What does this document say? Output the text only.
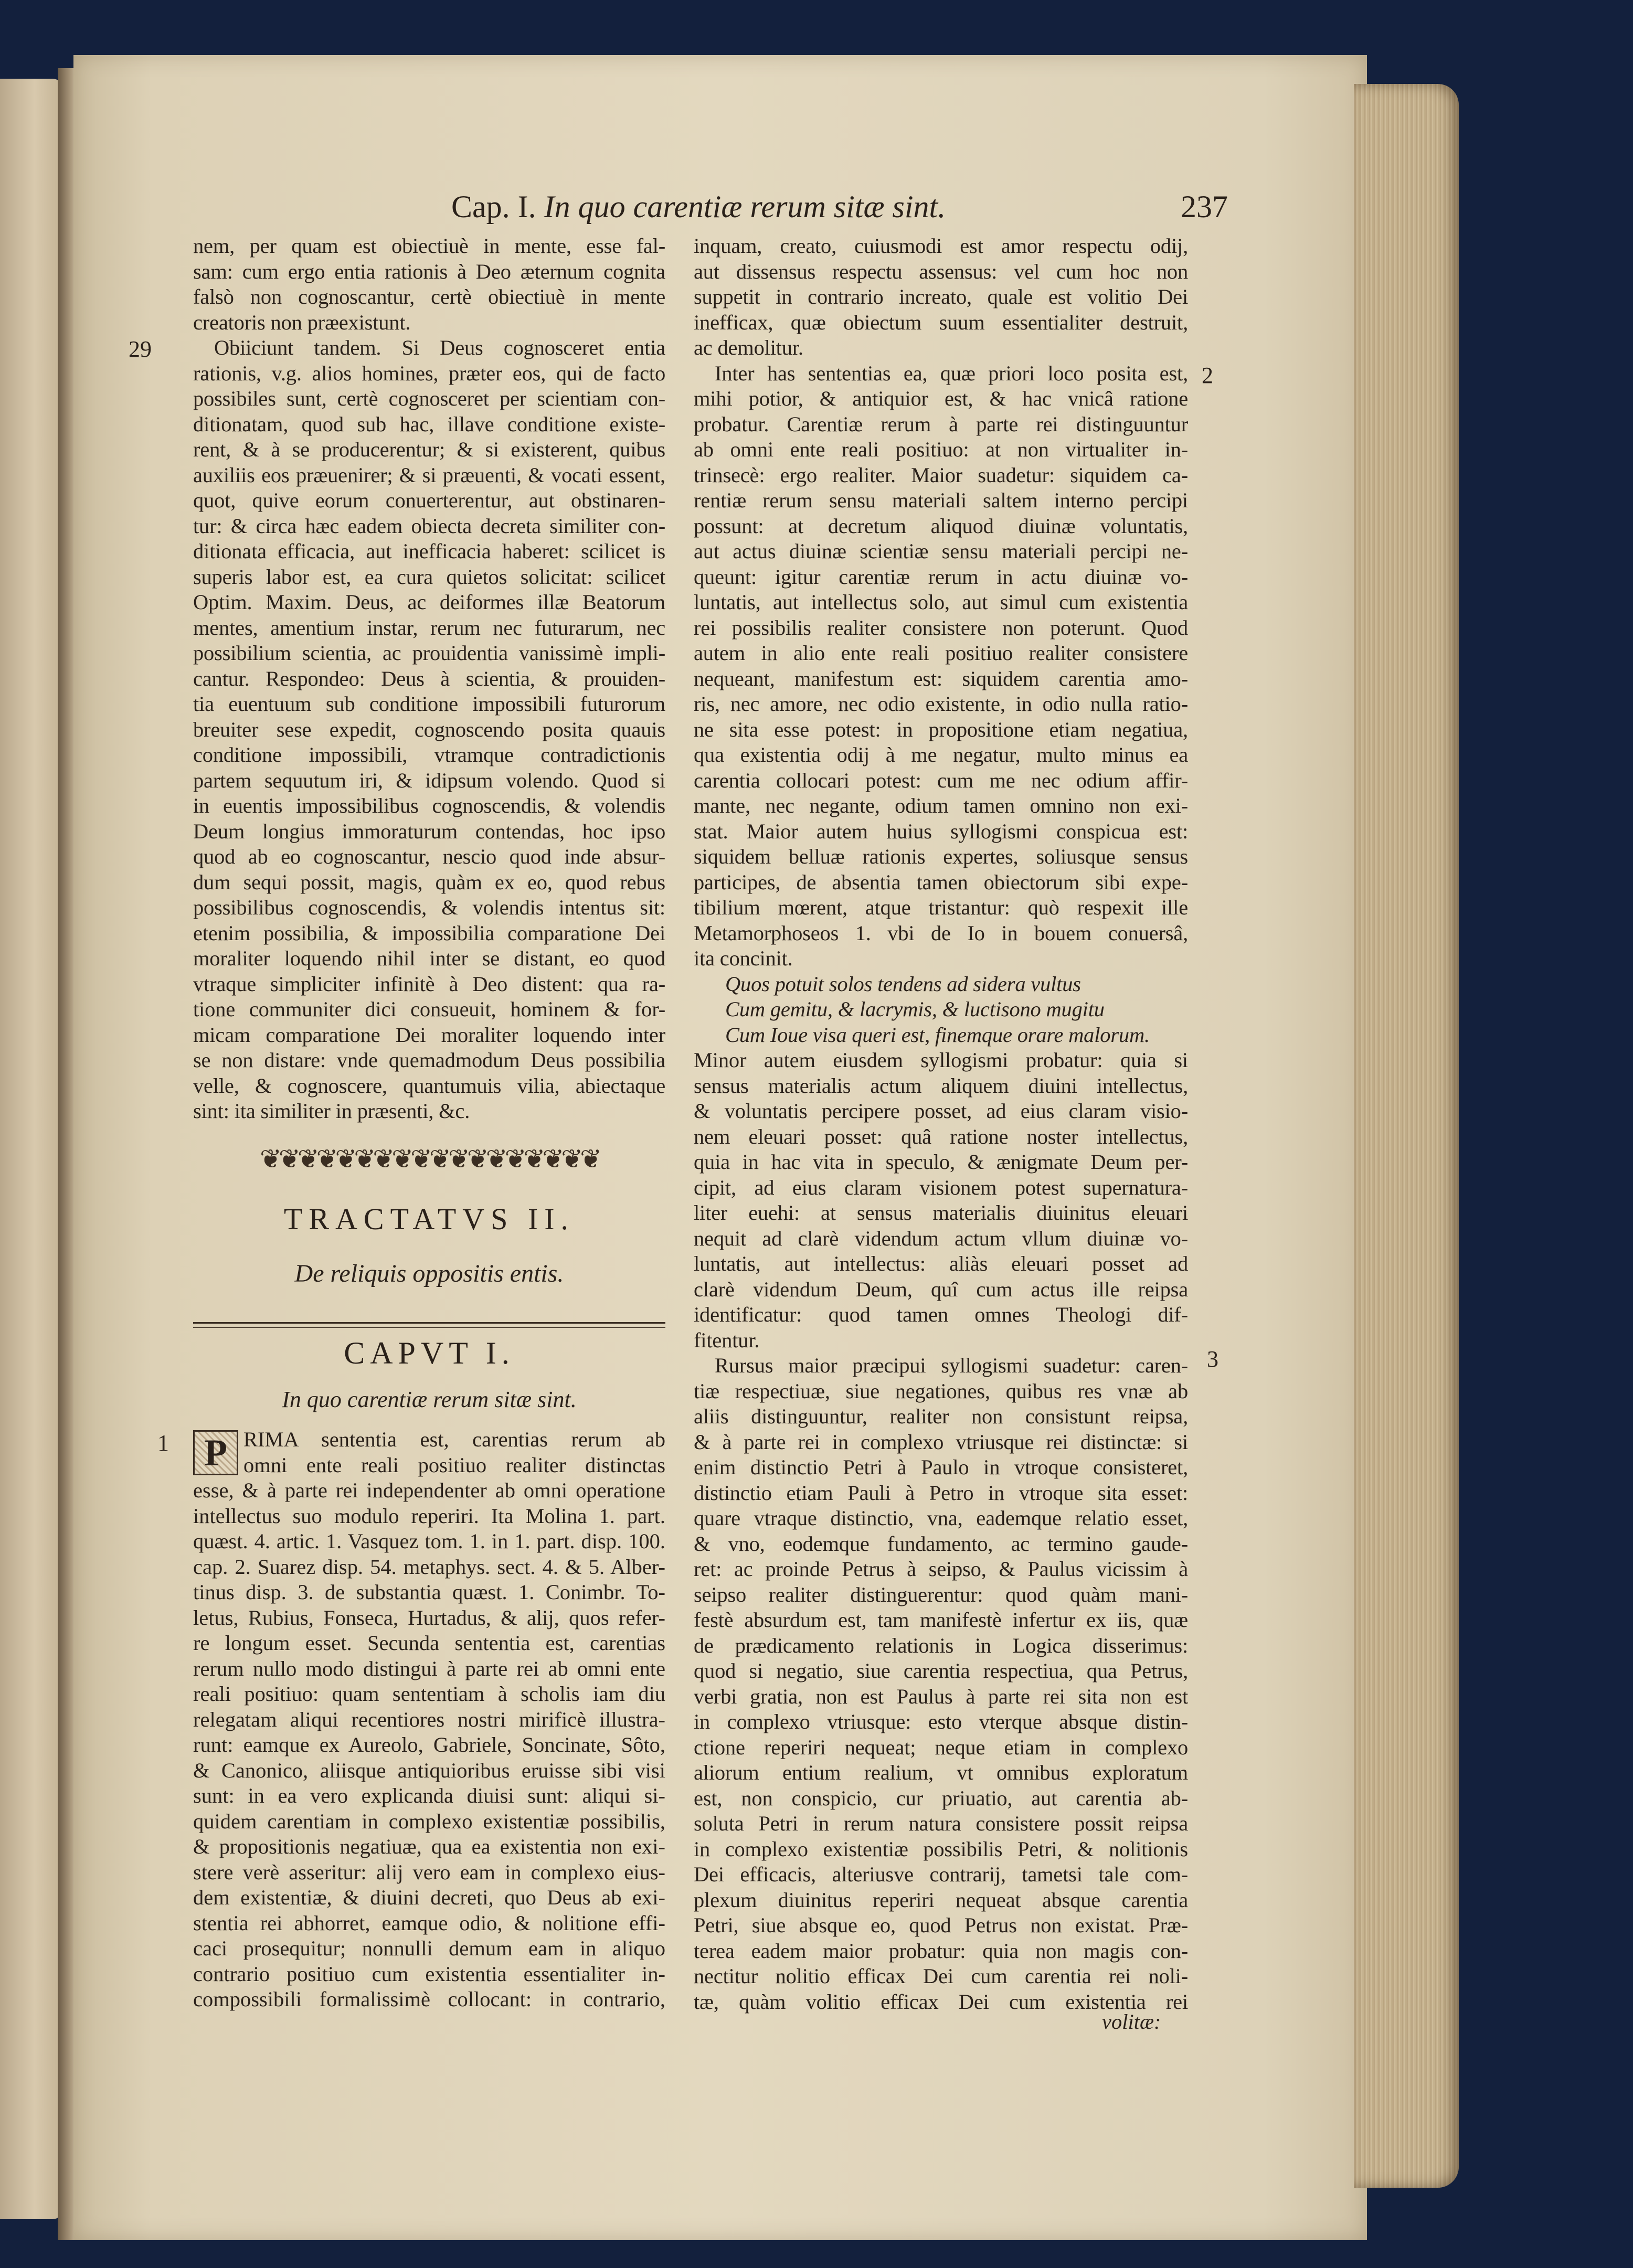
Cap. I. In quo carentiæ rerum sitæ sint.	237
29
2
1
3
nem, per quam est obiectiuè in mente, esse fal-
sam: cum ergo entia rationis à Deo æternum cognita
falsò non cognoscantur, certè obiectiuè in mente
creatoris non præexistunt.
Obiiciunt tandem. Si Deus cognosceret entia
rationis, v.g. alios homines, præter eos, qui de facto
possibiles sunt, certè cognosceret per scientiam con-
ditionatam, quod sub hac, illave conditione existe-
rent, & à se producerentur; & si existerent, quibus
auxiliis eos præuenirer; & si præuenti, & vocati essent,
quot, quive eorum conuerterentur, aut obstinaren-
tur: & circa hæc eadem obiecta decreta similiter con-
ditionata efficacia, aut inefficacia haberet: scilicet is
superis labor est, ea cura quietos solicitat: scilicet
Optim. Maxim. Deus, ac deiformes illæ Beatorum
mentes, amentium instar, rerum nec futurarum, nec
possibilium scientia, ac prouidentia vanissimè impli-
cantur. Respondeo: Deus à scientia, & prouiden-
tia euentuum sub conditione impossibili futurorum
breuiter sese expedit, cognoscendo posita quauis
conditione impossibili, vtramque contradictionis
partem sequutum iri, & idipsum volendo. Quod si
in euentis impossibilibus cognoscendis, & volendis
Deum longius immoraturum contendas, hoc ipso
quod ab eo cognoscantur, nescio quod inde absur-
dum sequi possit, magis, quàm ex eo, quod rebus
possibilibus cognoscendis, & volendis intentus sit:
etenim possibilia, & impossibilia comparatione Dei
moraliter loquendo nihil inter se distant, eo quod
vtraque simpliciter infinitè à Deo distent: qua ra-
tione communiter dici consueuit, hominem & for-
micam comparatione Dei moraliter loquendo inter
se non distare: vnde quemadmodum Deus possibilia
velle, & cognoscere, quantumuis vilia, abiectaque
sint: ita similiter in præsenti, &c.
❦❦❦❦❦❦❦❦❦❦❦❦❦❦❦❦❦❦
TRACTATVS II.
De reliquis oppositis entis.
CAPVT I.
In quo carentiæ rerum sitæ sint.
P RIMA sententia est, carentias rerum ab
omni ente reali positiuo realiter distinctas
esse, & à parte rei independenter ab omni operatione
intellectus suo modulo reperiri. Ita Molina 1. part.
quæst. 4. artic. 1. Vasquez tom. 1. in 1. part. disp. 100.
cap. 2. Suarez disp. 54. metaphys. sect. 4. & 5. Alber-
tinus disp. 3. de substantia quæst. 1. Conimbr. To-
letus, Rubius, Fonseca, Hurtadus, & alij, quos refer-
re longum esset. Secunda sententia est, carentias
rerum nullo modo distingui à parte rei ab omni ente
reali positiuo: quam sententiam à scholis iam diu
relegatam aliqui recentiores nostri mirificè illustra-
runt: eamque ex Aureolo, Gabriele, Soncinate, Sôto,
& Canonico, aliisque antiquioribus eruisse sibi visi
sunt: in ea vero explicanda diuisi sunt: aliqui si-
quidem carentiam in complexo existentiæ possibilis,
& propositionis negatiuæ, qua ea existentia non exi-
stere verè asseritur: alij vero eam in complexo eius-
dem existentiæ, & diuini decreti, quo Deus ab exi-
stentia rei abhorret, eamque odio, & nolitione effi-
caci prosequitur; nonnulli demum eam in aliquo
contrario positiuo cum existentia essentialiter in-
compossibili formalissimè collocant: in contrario,
inquam, creato, cuiusmodi est amor respectu odij,
aut dissensus respectu assensus: vel cum hoc non
suppetit in contrario increato, quale est volitio Dei
inefficax, quæ obiectum suum essentialiter destruit,
ac demolitur.
Inter has sententias ea, quæ priori loco posita est,
mihi potior, & antiquior est, & hac vnicâ ratione
probatur. Carentiæ rerum à parte rei distinguuntur
ab omni ente reali positiuo: at non virtualiter in-
trinsecè: ergo realiter. Maior suadetur: siquidem ca-
rentiæ rerum sensu materiali saltem interno percipi
possunt: at decretum aliquod diuinæ voluntatis,
aut actus diuinæ scientiæ sensu materiali percipi ne-
queunt: igitur carentiæ rerum in actu diuinæ vo-
luntatis, aut intellectus solo, aut simul cum existentia
rei possibilis realiter consistere non poterunt. Quod
autem in alio ente reali positiuo realiter consistere
nequeant, manifestum est: siquidem carentia amo-
ris, nec amore, nec odio existente, in odio nulla ratio-
ne sita esse potest: in propositione etiam negatiua,
qua existentia odij à me negatur, multo minus ea
carentia collocari potest: cum me nec odium affir-
mante, nec negante, odium tamen omnino non exi-
stat. Maior autem huius syllogismi conspicua est:
siquidem belluæ rationis expertes, soliusque sensus
participes, de absentia tamen obiectorum sibi expe-
tibilium mœrent, atque tristantur: quò respexit ille
Metamorphoseos 1. vbi de Io in bouem conuersâ,
ita concinit.
Quos potuit solos tendens ad sidera vultus
Cum gemitu, & lacrymis, & luctisono mugitu
Cum Ioue visa queri est, finemque orare malorum.
Minor autem eiusdem syllogismi probatur: quia si
sensus materialis actum aliquem diuini intellectus,
& voluntatis percipere posset, ad eius claram visio-
nem eleuari posset: quâ ratione noster intellectus,
quia in hac vita in speculo, & ænigmate Deum per-
cipit, ad eius claram visionem potest supernatura-
liter euehi: at sensus materialis diuinitus eleuari
nequit ad clarè videndum actum vllum diuinæ vo-
luntatis, aut intellectus: aliàs eleuari posset ad
clarè videndum Deum, quî cum actus ille reipsa
identificatur: quod tamen omnes Theologi dif-
fitentur.
Rursus maior præcipui syllogismi suadetur: caren-
tiæ respectiuæ, siue negationes, quibus res vnæ ab
aliis distinguuntur, realiter non consistunt reipsa,
& à parte rei in complexo vtriusque rei distinctæ: si
enim distinctio Petri à Paulo in vtroque consisteret,
distinctio etiam Pauli à Petro in vtroque sita esset:
quare vtraque distinctio, vna, eademque relatio esset,
& vno, eodemque fundamento, ac termino gaude-
ret: ac proinde Petrus à seipso, & Paulus vicissim à
seipso realiter distinguerentur: quod quàm mani-
festè absurdum est, tam manifestè infertur ex iis, quæ
de prædicamento relationis in Logica disserimus:
quod si negatio, siue carentia respectiua, qua Petrus,
verbi gratia, non est Paulus à parte rei sita non est
in complexo vtriusque: esto vterque absque distin-
ctione reperiri nequeat; neque etiam in complexo
aliorum entium realium, vt omnibus exploratum
est, non conspicio, cur priuatio, aut carentia ab-
soluta Petri in rerum natura consistere possit reipsa
in complexo existentiæ possibilis Petri, & nolitionis
Dei efficacis, alteriusve contrarij, tametsi tale com-
plexum diuinitus reperiri nequeat absque carentia
Petri, siue absque eo, quod Petrus non existat. Præ-
terea eadem maior probatur: quia non magis con-
nectitur nolitio efficax Dei cum carentia rei noli-
tæ, quàm volitio efficax Dei cum existentia rei
volitæ:
